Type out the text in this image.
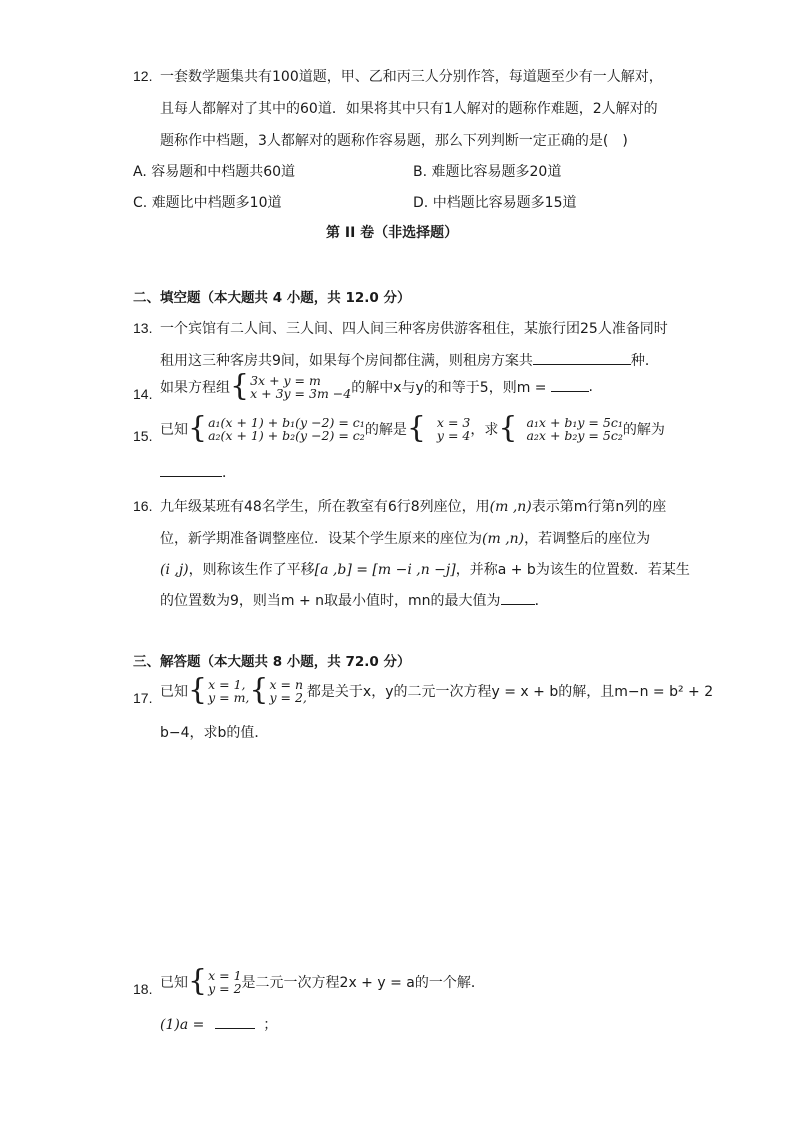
12. 一套数学题集共有100道题，甲、乙和丙三人分别作答，每道题至少有一人解对，
且每人都解对了其中的60道．如果将其中只有1人解对的题称作难题，2人解对的
题称作中档题，3人都解对的题称作容易题，那么下列判断一定正确的是(　)
A. 容易题和中档题共60道	B. 难题比容易题多20道
C. 难题比中档题多10道	D. 中档题比容易题多15道
第 II 卷（非选择题）
二、填空题（本大题共 4 小题，共 12.0 分）
13. 一个宾馆有二人间、三人间、四人间三种客房供游客租住，某旅行团25人准备同时
租用这三种客房共9间，如果每个房间都住满，则租房方案共	种．
14. 如果方程组 { 3x + y = m
x + 3y = 3m −4 的解中x与y的和等于5，则m =	.
15. 已知 { a₁(x + 1) + b₁(y −2) = c₁
a₂(x + 1) + b₂(y −2) = c₂ 的解是 { x = 3
y = 4 ，求 { a₁x + b₁y = 5c₁
a₂x + b₂y = 5c₂ 的解为
．
16. 九年级某班有48名学生，所在教室有6行8列座位，用(m ,n)表示第m行第n列的座
位，新学期准备调整座位．设某个学生原来的座位为(m ,n)，若调整后的座位为
(i ,j)，则称该生作了平移[a ,b] = [m −i ,n −j]，并称a + b为该生的位置数．若某生
的位置数为9，则当m + n取最小值时，mn的最大值为 ．
三、解答题（本大题共 8 小题，共 72.0 分）
17. 已知 { x = 1,
y = m, { x = n
y = 2, 都是关于x，y的二元一次方程y = x + b的解，且m−n = b² + 2
b−4，求b的值．
18. 已知 { x = 1
y = 2 是二元一次方程2x + y = a的一个解．
(1)a =	；
